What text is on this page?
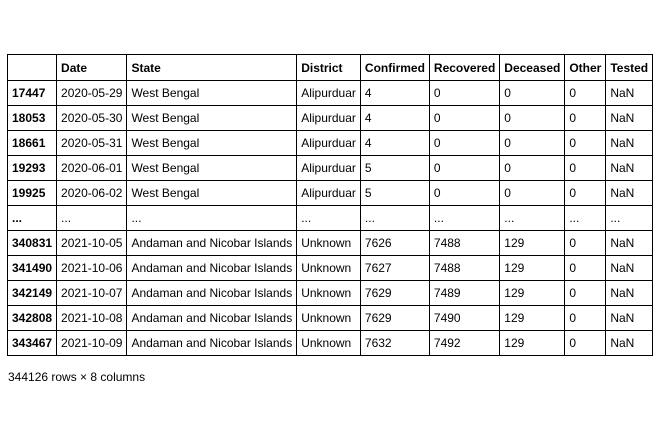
	Date	State	District	Confirmed	Recovered	Deceased	Other	Tested
17447	2020-05-29	West Bengal	Alipurduar	4	0	0	0	NaN
18053	2020-05-30	West Bengal	Alipurduar	4	0	0	0	NaN
18661	2020-05-31	West Bengal	Alipurduar	4	0	0	0	NaN
19293	2020-06-01	West Bengal	Alipurduar	5	0	0	0	NaN
19925	2020-06-02	West Bengal	Alipurduar	5	0	0	0	NaN
...	...	...	...	...	...	...	...	...
340831	2021-10-05	Andaman and Nicobar Islands	Unknown	7626	7488	129	0	NaN
341490	2021-10-06	Andaman and Nicobar Islands	Unknown	7627	7488	129	0	NaN
342149	2021-10-07	Andaman and Nicobar Islands	Unknown	7629	7489	129	0	NaN
342808	2021-10-08	Andaman and Nicobar Islands	Unknown	7629	7490	129	0	NaN
343467	2021-10-09	Andaman and Nicobar Islands	Unknown	7632	7492	129	0	NaN
344126 rows × 8 columns
